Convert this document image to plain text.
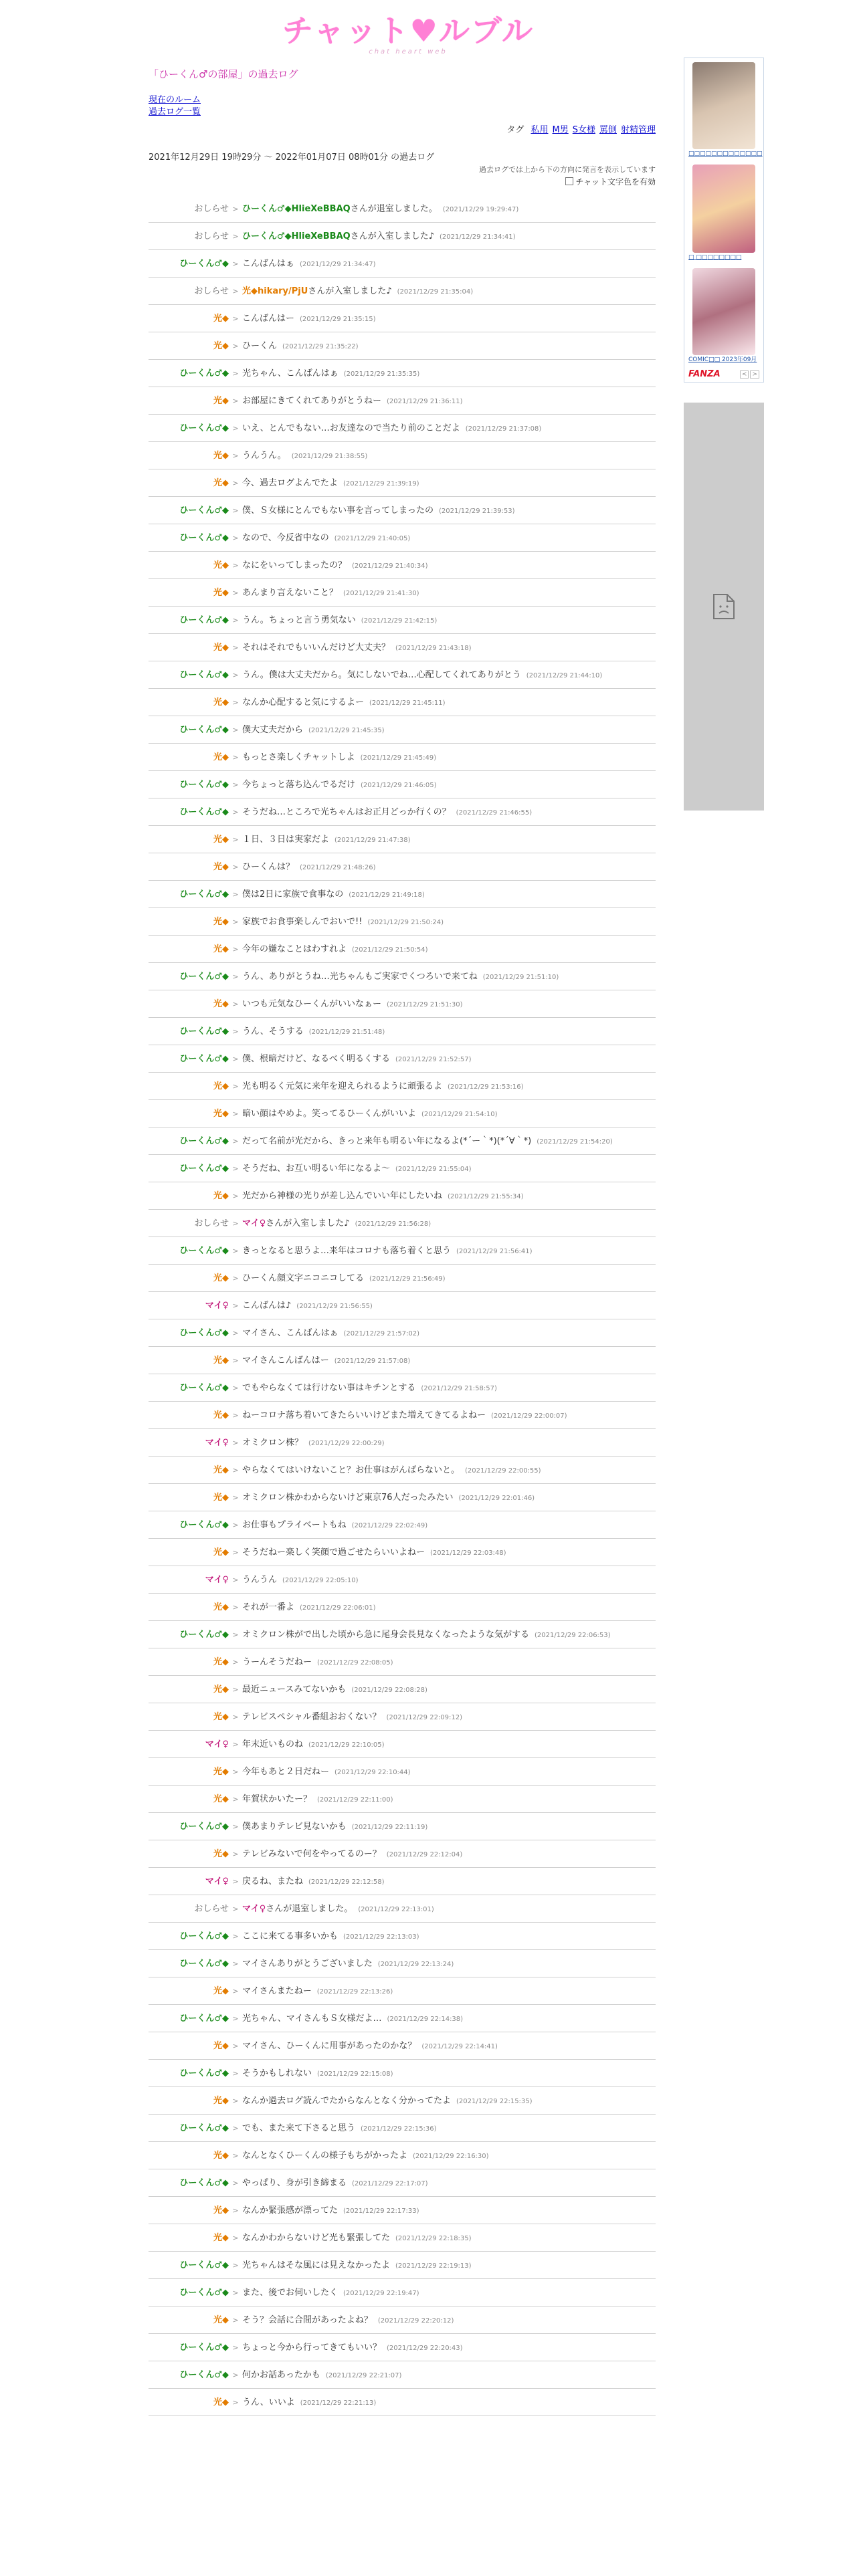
チャット♥ルブル
chat heart web
「ひーくん♂の部屋」の過去ログ
現在のルーム
過去ログ一覧
タグ 私用 M男 S女様 罵倒 射精管理
2021年12月29日 19時29分 〜 2022年01月07日 08時01分 の過去ログ
過去ログでは上から下の方向に発言を表示しています
チャット文字色を有効
おしらせ > ひーくん♂◆HlieXeBBAQさんが退室しました。 (2021/12/29 19:29:47)
おしらせ > ひーくん♂◆HlieXeBBAQさんが入室しました♪ (2021/12/29 21:34:41)
ひーくん♂◆ > こんばんはぁ (2021/12/29 21:34:47)
おしらせ > 光◆hikary/PjUさんが入室しました♪ (2021/12/29 21:35:04)
光◆ > こんばんはー (2021/12/29 21:35:15)
光◆ > ひーくん (2021/12/29 21:35:22)
ひーくん♂◆ > 光ちゃん、こんばんはぁ (2021/12/29 21:35:35)
光◆ > お部屋にきてくれてありがとうねー (2021/12/29 21:36:11)
ひーくん♂◆ > いえ、とんでもない…お友達なので当たり前のことだよ (2021/12/29 21:37:08)
光◆ > うんうん。 (2021/12/29 21:38:55)
光◆ > 今、過去ログよんでたよ (2021/12/29 21:39:19)
ひーくん♂◆ > 僕、Ｓ女様にとんでもない事を言ってしまったの (2021/12/29 21:39:53)
ひーくん♂◆ > なので、今反省中なの (2021/12/29 21:40:05)
光◆ > なにをいってしまったの？ (2021/12/29 21:40:34)
光◆ > あんまり言えないこと？ (2021/12/29 21:41:30)
ひーくん♂◆ > うん。ちょっと言う勇気ない (2021/12/29 21:42:15)
光◆ > それはそれでもいいんだけど大丈夫？ (2021/12/29 21:43:18)
ひーくん♂◆ > うん。僕は大丈夫だから。気にしないでね…心配してくれてありがとう (2021/12/29 21:44:10)
光◆ > なんか心配すると気にするよー (2021/12/29 21:45:11)
ひーくん♂◆ > 僕大丈夫だから (2021/12/29 21:45:35)
光◆ > もっとさ楽しくチャットしよ (2021/12/29 21:45:49)
ひーくん♂◆ > 今ちょっと落ち込んでるだけ (2021/12/29 21:46:05)
ひーくん♂◆ > そうだね…ところで光ちゃんはお正月どっか行くの？ (2021/12/29 21:46:55)
光◆ > １日、３日は実家だよ (2021/12/29 21:47:38)
光◆ > ひーくんは？ (2021/12/29 21:48:26)
ひーくん♂◆ > 僕は2日に家族で食事なの (2021/12/29 21:49:18)
光◆ > 家族でお食事楽しんでおいで!! (2021/12/29 21:50:24)
光◆ > 今年の嫌なことはわすれよ (2021/12/29 21:50:54)
ひーくん♂◆ > うん、ありがとうね…光ちゃんもご実家でくつろいで来てね (2021/12/29 21:51:10)
光◆ > いつも元気なひーくんがいいなぁー (2021/12/29 21:51:30)
ひーくん♂◆ > うん、そうする (2021/12/29 21:51:48)
ひーくん♂◆ > 僕、根暗だけど、なるべく明るくする (2021/12/29 21:52:57)
光◆ > 光も明るく元気に来年を迎えられるように頑張るよ (2021/12/29 21:53:16)
光◆ > 暗い顔はやめよ。笑ってるひーくんがいいよ (2021/12/29 21:54:10)
ひーくん♂◆ > だって名前が光だから、きっと来年も明るい年になるよ(*´ー｀*)(*´∀｀*) (2021/12/29 21:54:20)
ひーくん♂◆ > そうだね、お互い明るい年になるよ〜 (2021/12/29 21:55:04)
光◆ > 光だから神様の光りが差し込んでいい年にしたいね (2021/12/29 21:55:34)
おしらせ > マイ♀さんが入室しました♪ (2021/12/29 21:56:28)
ひーくん♂◆ > きっとなると思うよ…来年はコロナも落ち着くと思う (2021/12/29 21:56:41)
光◆ > ひーくん顔文字ニコニコしてる (2021/12/29 21:56:49)
マイ♀ > こんばんは♪ (2021/12/29 21:56:55)
ひーくん♂◆ > マイさん、こんばんはぁ (2021/12/29 21:57:02)
光◆ > マイさんこんばんはー (2021/12/29 21:57:08)
ひーくん♂◆ > でもやらなくては行けない事はキチンとする (2021/12/29 21:58:57)
光◆ > ねーコロナ落ち着いてきたらいいけどまた増えてきてるよねー (2021/12/29 22:00:07)
マイ♀ > オミクロン株？ (2021/12/29 22:00:29)
光◆ > やらなくてはいけないこと？お仕事はがんばらないと。 (2021/12/29 22:00:55)
光◆ > オミクロン株かわからないけど東京76人だったみたい (2021/12/29 22:01:46)
ひーくん♂◆ > お仕事もプライベートもね (2021/12/29 22:02:49)
光◆ > そうだねー楽しく笑顔で過ごせたらいいよねー (2021/12/29 22:03:48)
マイ♀ > うんうん (2021/12/29 22:05:10)
光◆ > それが一番よ (2021/12/29 22:06:01)
ひーくん♂◆ > オミクロン株がで出した頃から急に尾身会長見なくなったような気がする (2021/12/29 22:06:53)
光◆ > うーんそうだねー (2021/12/29 22:08:05)
光◆ > 最近ニュースみてないかも (2021/12/29 22:08:28)
光◆ > テレビスペシャル番組おおくない？ (2021/12/29 22:09:12)
マイ♀ > 年末近いものね (2021/12/29 22:10:05)
光◆ > 今年もあと２日だねー (2021/12/29 22:10:44)
光◆ > 年賀状かいたー？ (2021/12/29 22:11:00)
ひーくん♂◆ > 僕あまりテレビ見ないかも (2021/12/29 22:11:19)
光◆ > テレビみないで何をやってるのー？ (2021/12/29 22:12:04)
マイ♀ > 戻るね、またね (2021/12/29 22:12:58)
おしらせ > マイ♀さんが退室しました。 (2021/12/29 22:13:01)
ひーくん♂◆ > ここに来てる事多いかも (2021/12/29 22:13:03)
ひーくん♂◆ > マイさんありがとうございました (2021/12/29 22:13:24)
光◆ > マイさんまたねー (2021/12/29 22:13:26)
ひーくん♂◆ > 光ちゃん、マイさんもＳ女様だよ… (2021/12/29 22:14:38)
光◆ > マイさん、ひーくんに用事があったのかな？ (2021/12/29 22:14:41)
ひーくん♂◆ > そうかもしれない (2021/12/29 22:15:08)
光◆ > なんか過去ログ読んでたからなんとなく分かってたよ (2021/12/29 22:15:35)
ひーくん♂◆ > でも、また来て下さると思う (2021/12/29 22:15:36)
光◆ > なんとなくひーくんの様子もちがかったよ (2021/12/29 22:16:30)
ひーくん♂◆ > やっぱり、身が引き締まる (2021/12/29 22:17:07)
光◆ > なんか緊張感が漂ってた (2021/12/29 22:17:33)
光◆ > なんかわからないけど光も緊張してた (2021/12/29 22:18:35)
ひーくん♂◆ > 光ちゃんはそな風には見えなかったよ (2021/12/29 22:19:13)
ひーくん♂◆ > また、後でお伺いしたく (2021/12/29 22:19:47)
光◆ > そう？会話に合間があったよね？ (2021/12/29 22:20:12)
ひーくん♂◆ > ちょっと今から行ってきてもいい？ (2021/12/29 22:20:43)
ひーくん♂◆ > 何かお話あったかも (2021/12/29 22:21:07)
光◆ > うん、いいよ (2021/12/29 22:21:13)
□□□□□□□□□□□□□
□ □□□□□□□□
COMIC□□ 2023年09月
FANZA	< >
